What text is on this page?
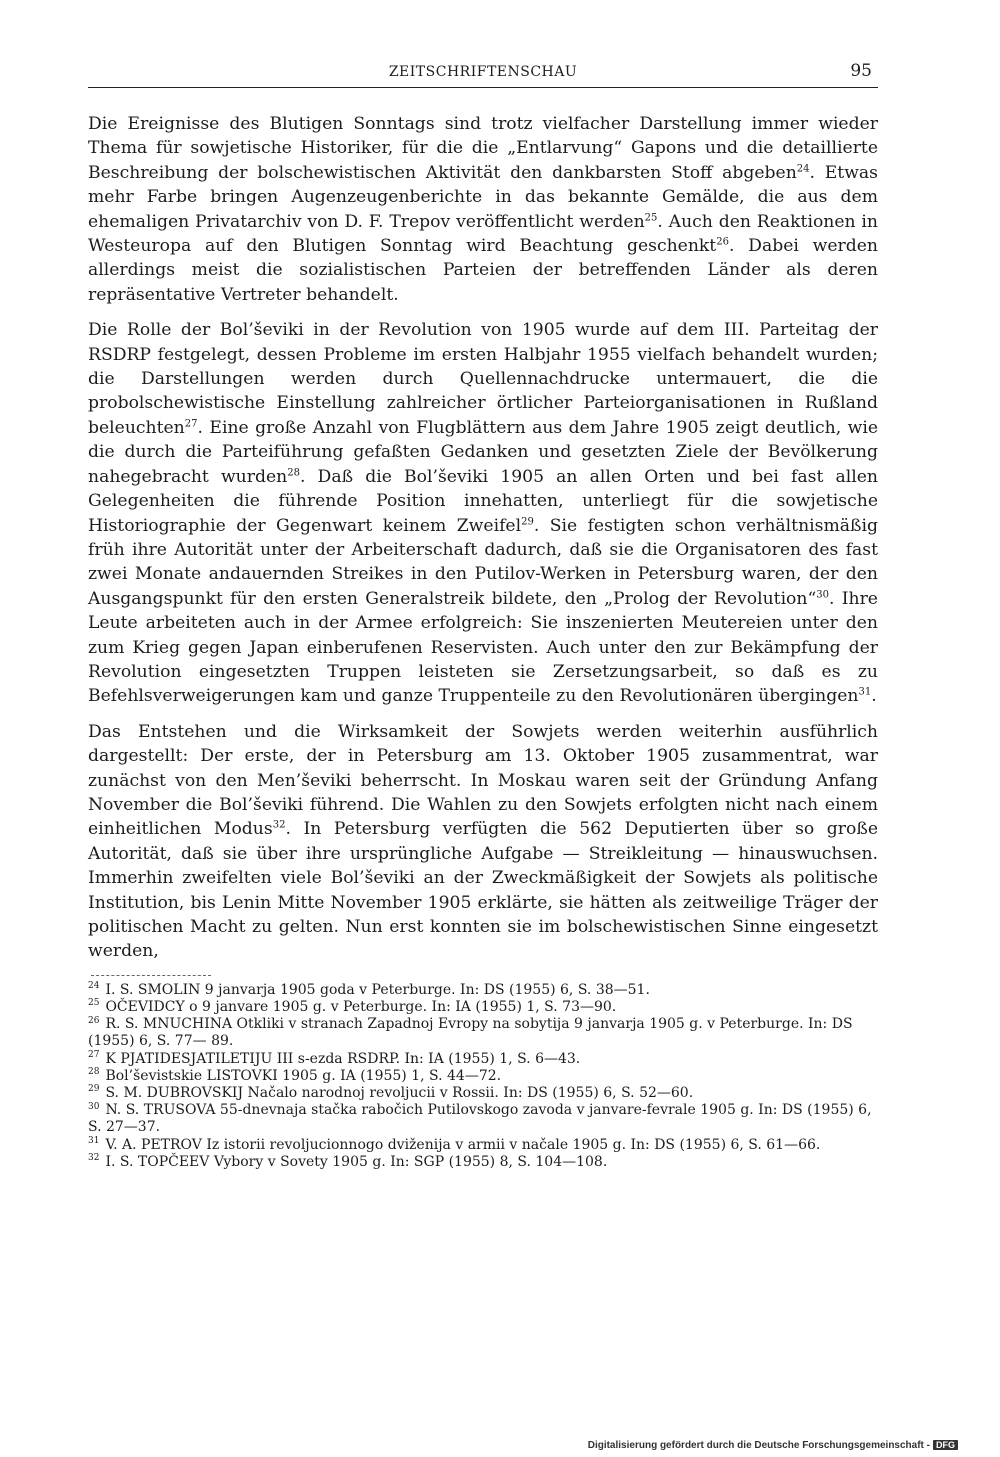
ZEITSCHRIFTENSCHAU	95

Die Ereignisse des Blutigen Sonntags sind trotz vielfacher Darstellung immer wieder Thema für sowjetische Historiker, für die die „Entlarvung“ Gapons und die detaillierte Beschreibung der bolschewistischen Aktivität den dankbarsten Stoff abgeben$^{24}$. Etwas mehr Farbe bringen Augenzeugenberichte in das bekannte Gemälde, die aus dem ehemaligen Privatarchiv von D. F. Trepov veröffentlicht werden$^{25}$. Auch den Reaktionen in Westeuropa auf den Blutigen Sonntag wird Beachtung geschenkt$^{26}$. Dabei werden allerdings meist die sozialistischen Parteien der betreffenden Länder als deren repräsentative Vertreter behandelt.

Die Rolle der Bol’ševiki in der Revolution von 1905 wurde auf dem III. Parteitag der RSDRP festgelegt, dessen Probleme im ersten Halbjahr 1955 vielfach behandelt wurden; die Darstellungen werden durch Quellennachdrucke untermauert, die die probolschewistische Einstellung zahlreicher örtlicher Parteiorganisationen in Rußland beleuchten$^{27}$. Eine große Anzahl von Flugblättern aus dem Jahre 1905 zeigt deutlich, wie die durch die Parteiführung gefaßten Gedanken und gesetzten Ziele der Bevölkerung nahegebracht wurden$^{28}$. Daß die Bol’ševiki 1905 an allen Orten und bei fast allen Gelegenheiten die führende Position innehatten, unterliegt für die sowjetische Historiographie der Gegenwart keinem Zweifel$^{29}$. Sie festigten schon verhältnismäßig früh ihre Autorität unter der Arbeiterschaft dadurch, daß sie die Organisatoren des fast zwei Monate andauernden Streikes in den Putilov-Werken in Petersburg waren, der den Ausgangspunkt für den ersten Generalstreik bildete, den „Prolog der Revolution“$^{30}$. Ihre Leute arbeiteten auch in der Armee erfolgreich: Sie inszenierten Meutereien unter den zum Krieg gegen Japan einberufenen Reservisten. Auch unter den zur Bekämpfung der Revolution eingesetzten Truppen leisteten sie Zersetzungsarbeit, so daß es zu Befehlsverweigerungen kam und ganze Truppenteile zu den Revolutionären übergingen$^{31}$.

Das Entstehen und die Wirksamkeit der Sowjets werden weiterhin ausführlich dargestellt: Der erste, der in Petersburg am 13. Oktober 1905 zusammentrat, war zunächst von den Men’ševiki beherrscht. In Moskau waren seit der Gründung Anfang November die Bol’ševiki führend. Die Wahlen zu den Sowjets erfolgten nicht nach einem einheitlichen Modus$^{32}$. In Petersburg verfügten die 562 Deputierten über so große Autorität, daß sie über ihre ursprüngliche Aufgabe — Streikleitung — hinauswuchsen. Immerhin zweifelten viele Bol’ševiki an der Zweckmäßigkeit der Sowjets als politische Institution, bis Lenin Mitte November 1905 erklärte, sie hätten als zeitweilige Träger der politischen Macht zu gelten. Nun erst konnten sie im bolschewistischen Sinne eingesetzt werden,

$^{24}$ I. S. SMOLIN 9 janvarja 1905 goda v Peterburge. In: DS (1955) 6, S. 38—51.

$^{25}$ OČEVIDCY o 9 janvare 1905 g. v Peterburge. In: IA (1955) 1, S. 73—90.

$^{26}$ R. S. MNUCHINA Otkliki v stranach Zapadnoj Evropy na sobytija 9 janvarja 1905 g. v Peterburge. In: DS (1955) 6, S. 77— 89.

$^{27}$ K PJATIDESJATILETIJU III s-ezda RSDRP. In: IA (1955) 1, S. 6—43.

$^{28}$ Bol’ševistskie LISTOVKI 1905 g. IA (1955) 1, S. 44—72.

$^{29}$ S. M. DUBROVSKIJ Načalo narodnoj revoljucii v Rossii. In: DS (1955) 6, S. 52—60.

$^{30}$ N. S. TRUSOVA 55-dnevnaja stačka rabočich Putilovskogo zavoda v janvare-fevrale 1905 g. In: DS (1955) 6, S. 27—37.

$^{31}$ V. A. PETROV Iz istorii revoljucionnogo dviženija v armii v načale 1905 g. In: DS (1955) 6, S. 61—66.

$^{32}$ I. S. TOPČEEV Vybory v Sovety 1905 g. In: SGP (1955) 8, S. 104—108.

Digitalisierung gefördert durch die Deutsche Forschungsgemeinschaft - DFG
